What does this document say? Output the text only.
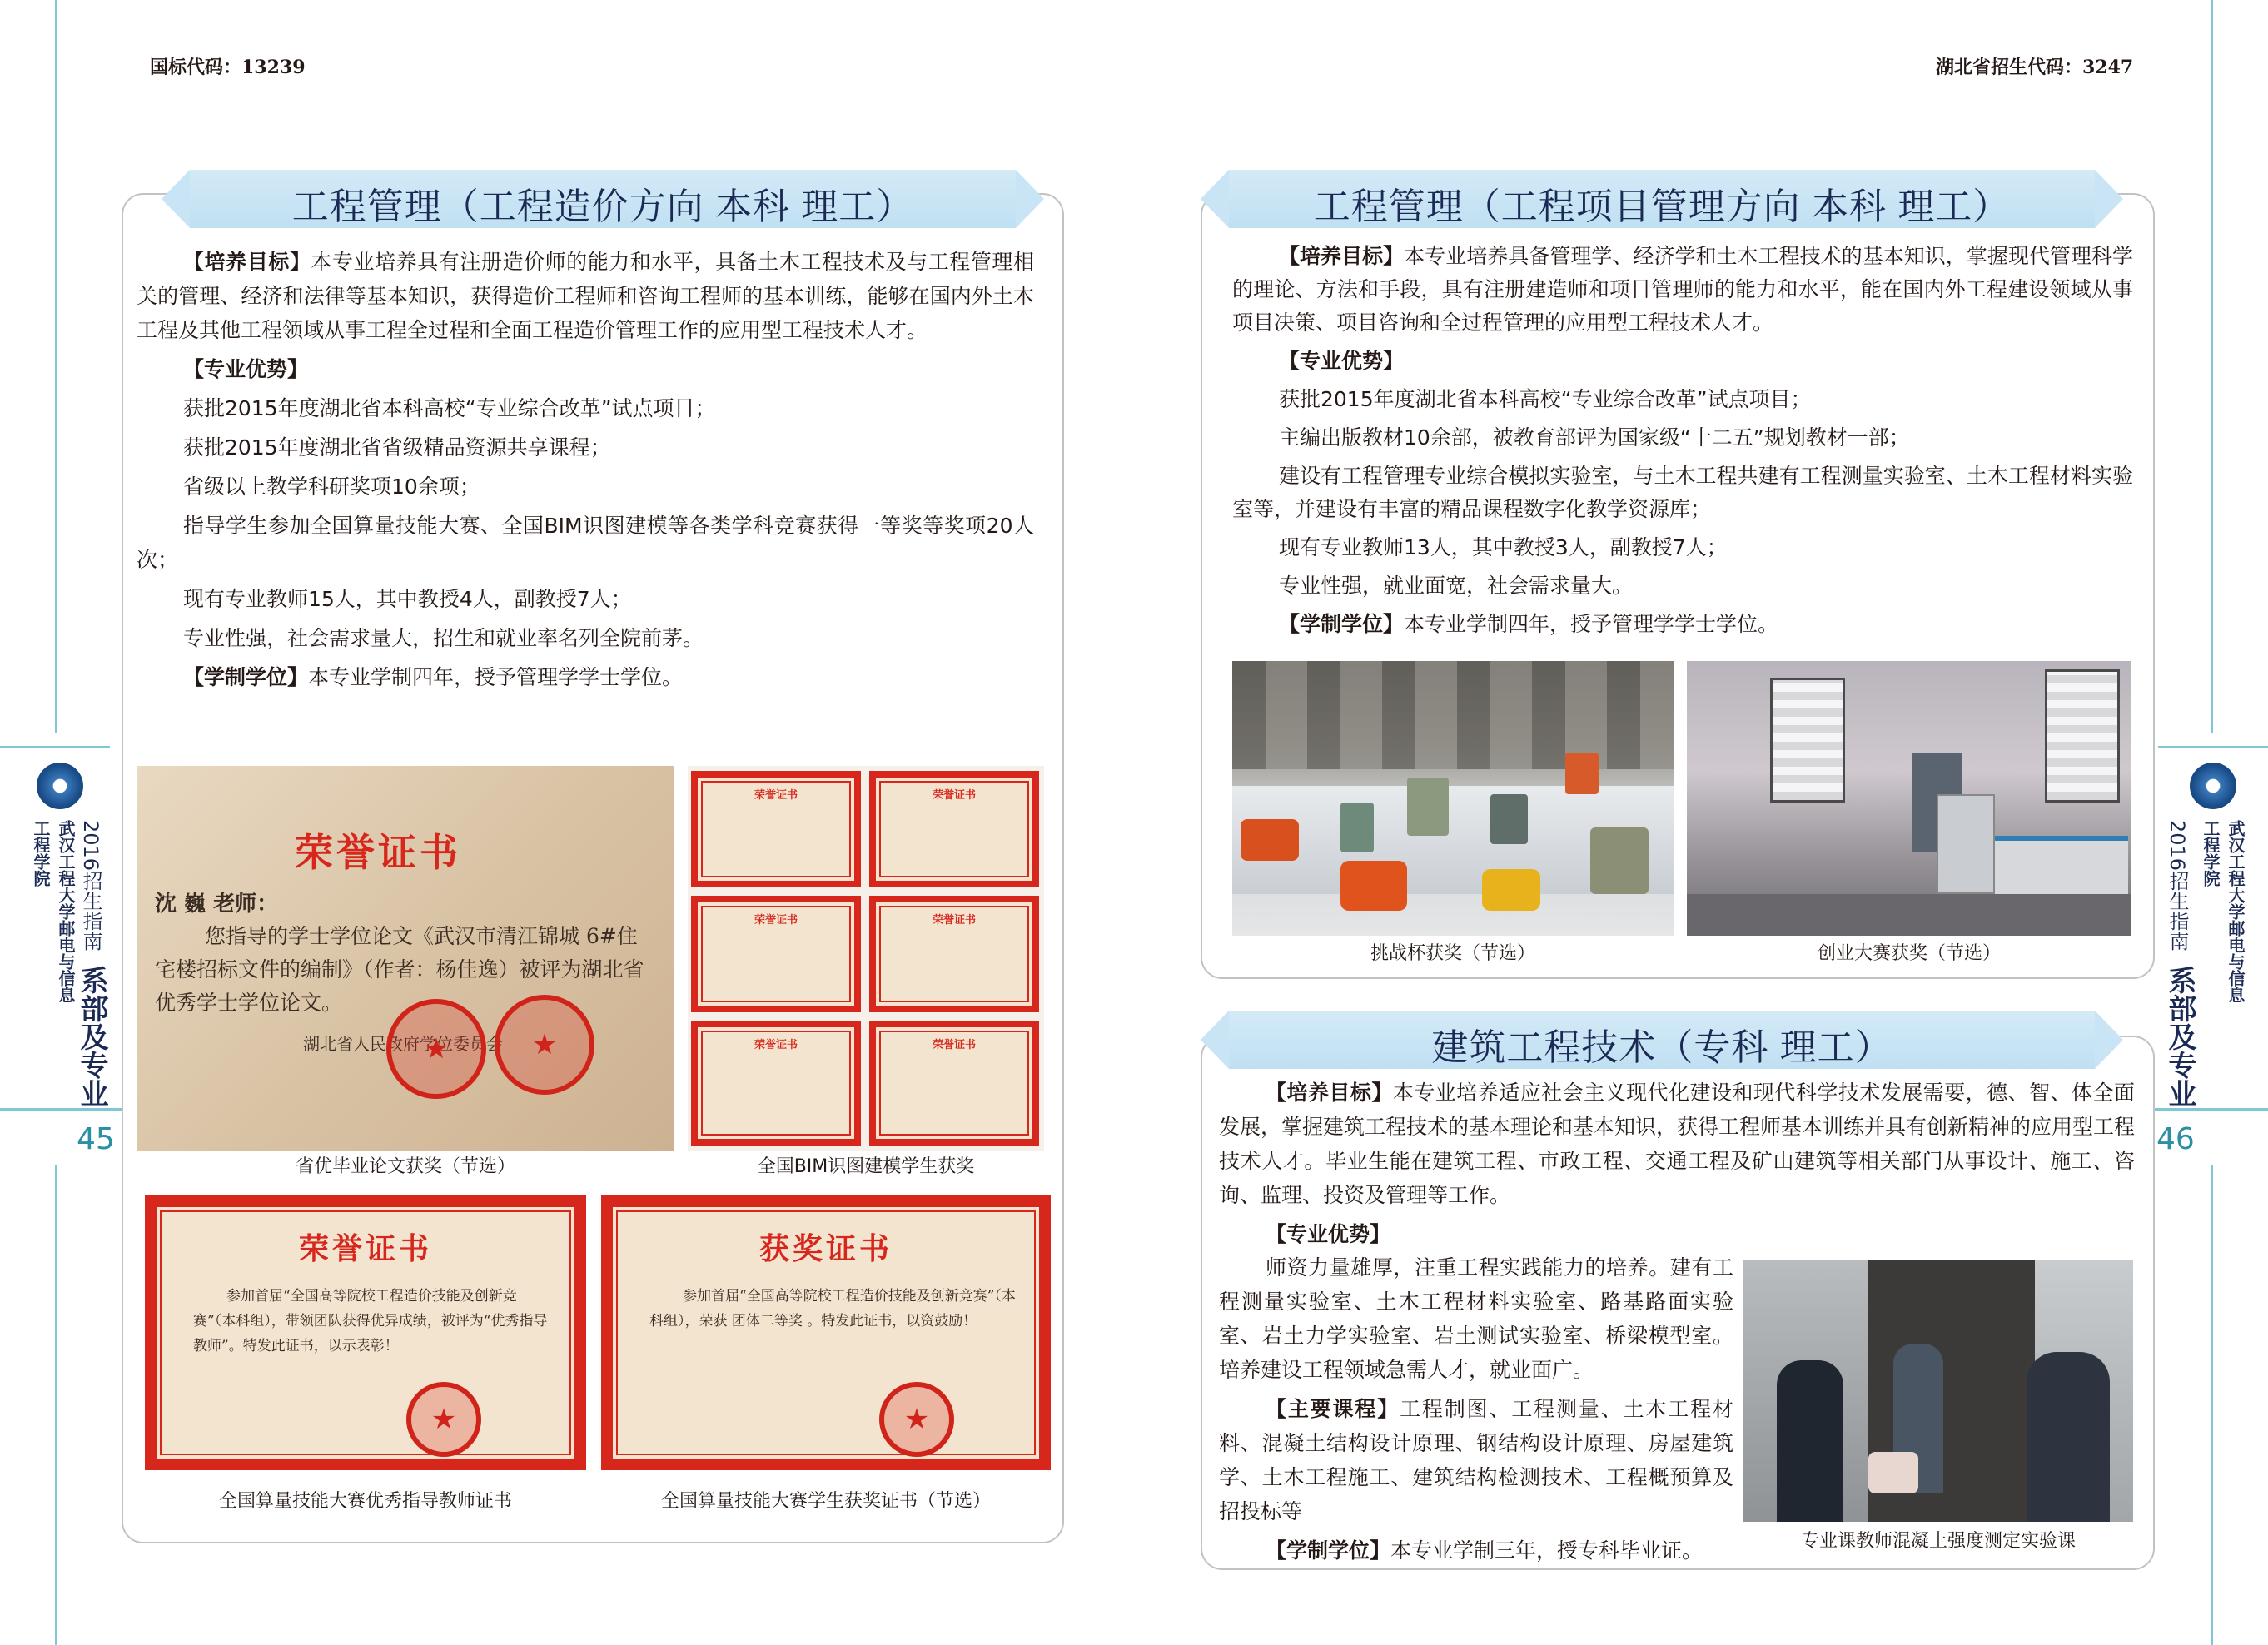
国标代码：13239	湖北省招生代码：3247
武汉工程大学邮电与信息工程学院	2016招生指南
系部及专业
45
2016招生指南	武汉工程大学邮电与信息工程学院
系部及专业
46
工程管理（工程造价方向 本科 理工）

【培养目标】本专业培养具有注册造价师的能力和水平，具备土木工程技术及与工程管理相关的管理、经济和法律等基本知识，获得造价工程师和咨询工程师的基本训练，能够在国内外土木工程及其他工程领域从事工程全过程和全面工程造价管理工作的应用型工程技术人才。

【专业优势】

获批2015年度湖北省本科高校“专业综合改革”试点项目；

获批2015年度湖北省省级精品资源共享课程；

省级以上教学科研奖项10余项；

指导学生参加全国算量技能大赛、全国BIM识图建模等各类学科竞赛获得一等奖等奖项20人次；

现有专业教师15人，其中教授4人，副教授7人；

专业性强，社会需求量大，招生和就业率名列全院前茅。

【学制学位】本专业学制四年，授予管理学学士学位。

荣誉证书
沈 巍 老师：
您指导的学士学位论文《武汉市清江锦城 6#住宅楼招标文件的编制》（作者：杨佳逸）被评为湖北省优秀学士学位论文。
湖北省人民政府学位委员会
★
★
荣誉证书	荣誉证书
荣誉证书	荣誉证书
荣誉证书	荣誉证书
省优毕业论文获奖（节选）	全国BIM识图建模学生获奖
荣誉证书
参加首届“全国高等院校工程造价技能及创新竞赛”（本科组），带领团队获得优异成绩，被评为“优秀指导教师”。特发此证书，以示表彰！
★
获奖证书
参加首届“全国高等院校工程造价技能及创新竞赛”（本科组），荣获 团体二等奖 。特发此证书，以资鼓励！
★
全国算量技能大赛优秀指导教师证书	全国算量技能大赛学生获奖证书（节选）
工程管理（工程项目管理方向 本科 理工）

【培养目标】本专业培养具备管理学、经济学和土木工程技术的基本知识，掌握现代管理科学的理论、方法和手段，具有注册建造师和项目管理师的能力和水平，能在国内外工程建设领域从事项目决策、项目咨询和全过程管理的应用型工程技术人才。

【专业优势】

获批2015年度湖北省本科高校“专业综合改革”试点项目；

主编出版教材10余部，被教育部评为国家级“十二五”规划教材一部；

建设有工程管理专业综合模拟实验室，与土木工程共建有工程测量实验室、土木工程材料实验室等，并建设有丰富的精品课程数字化教学资源库；

现有专业教师13人，其中教授3人，副教授7人；

专业性强，就业面宽，社会需求量大。

【学制学位】本专业学制四年，授予管理学学士学位。

挑战杯获奖（节选）	创业大赛获奖（节选）
建筑工程技术（专科 理工）

【培养目标】本专业培养适应社会主义现代化建设和现代科学技术发展需要，德、智、体全面发展，掌握建筑工程技术的基本理论和基本知识，获得工程师基本训练并具有创新精神的应用型工程技术人才。毕业生能在建筑工程、市政工程、交通工程及矿山建筑等相关部门从事设计、施工、咨询、监理、投资及管理等工作。

【专业优势】

师资力量雄厚，注重工程实践能力的培养。建有工程测量实验室、土木工程材料实验室、路基路面实验室、岩土力学实验室、岩土测试实验室、桥梁模型室。培养建设工程领域急需人才，就业面广。

【主要课程】工程制图、工程测量、土木工程材料、混凝土结构设计原理、钢结构设计原理、房屋建筑学、土木工程施工、建筑结构检测技术、工程概预算及招投标等

【学制学位】本专业学制三年，授专科毕业证。	专业课教师混凝土强度测定实验课
